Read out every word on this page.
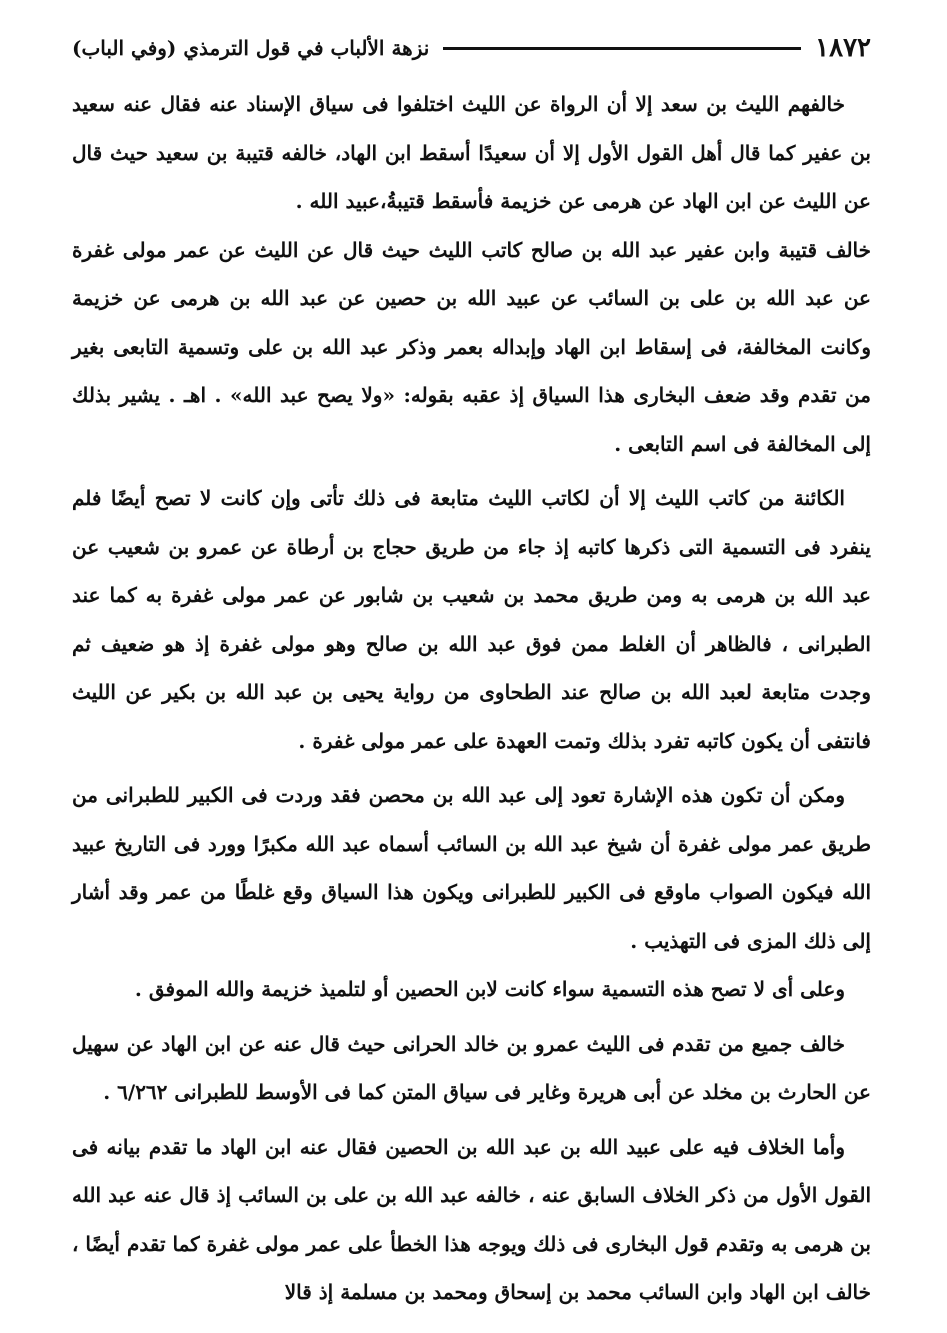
١٨٧٢
نزهة الألباب في قول الترمذي (وفي الباب)

خالفهم الليث بن سعد إلا أن الرواة عن الليث اختلفوا فى سياق الإسناد عنه فقال عنه سعيد بن عفير كما قال أهل القول الأول إلا أن سعيدًا أسقط ابن الهاد، خالفه قتيبة بن سعيد حيث قال عن الليث عن ابن الهاد عن هرمى عن خزيمة فأسقط قتيبةُ،عبيد الله .

خالف قتيبة وابن عفير عبد الله بن صالح كاتب الليث حيث قال عن الليث عن عمر مولى غفرة عن عبد الله بن على بن السائب عن عبيد الله بن حصين عن عبد الله بن هرمى عن خزيمة وكانت المخالفة، فى إسقاط ابن الهاد وإبداله بعمر وذكر عبد الله بن على وتسمية التابعى بغير من تقدم وقد ضعف البخارى هذا السياق إذ عقبه بقوله: «ولا يصح عبد الله» . اهـ . يشير بذلك إلى المخالفة فى اسم التابعى .

الكائنة من كاتب الليث إلا أن لكاتب الليث متابعة فى ذلك تأتى وإن كانت لا تصح أيضًا فلم ينفرد فى التسمية التى ذكرها كاتبه إذ جاء من طريق حجاج بن أرطاة عن عمرو بن شعيب عن عبد الله بن هرمى به ومن طريق محمد بن شعيب بن شابور عن عمر مولى غفرة به كما عند الطبرانى ، فالظاهر أن الغلط ممن فوق عبد الله بن صالح وهو مولى غفرة إذ هو ضعيف ثم وجدت متابعة لعبد الله بن صالح عند الطحاوى من رواية يحيى بن عبد الله بن بكير عن الليث فانتفى أن يكون كاتبه تفرد بذلك وتمت العهدة على عمر مولى غفرة .

ومكن أن تكون هذه الإشارة تعود إلى عبد الله بن محصن فقد وردت فى الكبير للطبرانى من طريق عمر مولى غفرة أن شيخ عبد الله بن السائب أسماه عبد الله مكبرًا وورد فى التاريخ عبيد الله فيكون الصواب ماوقع فى الكبير للطبرانى ويكون هذا السياق وقع غلطًا من عمر وقد أشار إلى ذلك المزى فى التهذيب .

وعلى أى لا تصح هذه التسمية سواء كانت لابن الحصين أو لتلميذ خزيمة والله الموفق .

خالف جميع من تقدم فى الليث عمرو بن خالد الحرانى حيث قال عنه عن ابن الهاد عن سهيل عن الحارث بن مخلد عن أبى هريرة وغاير فى سياق المتن كما فى الأوسط للطبرانى ٦/٢٦٢ .

وأما الخلاف فيه على عبيد الله بن عبد الله بن الحصين فقال عنه ابن الهاد ما تقدم بيانه فى القول الأول من ذكر الخلاف السابق عنه ، خالفه عبد الله بن على بن السائب إذ قال عنه عبد الله بن هرمى به وتقدم قول البخارى فى ذلك ويوجه هذا الخطأ على عمر مولى غفرة كما تقدم أيضًا ، خالف ابن الهاد وابن السائب محمد بن إسحاق ومحمد بن مسلمة إذ قالا
